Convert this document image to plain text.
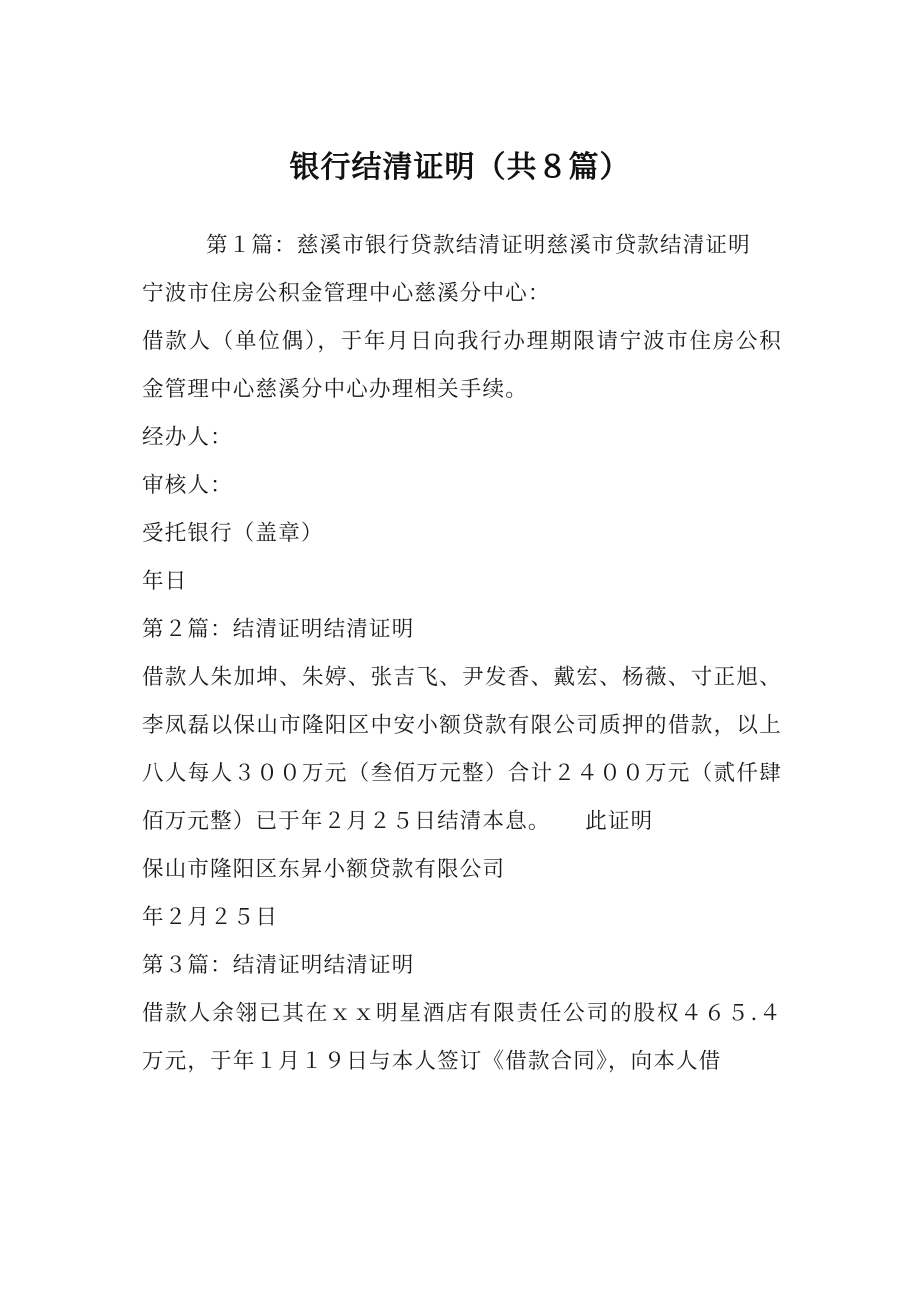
银行结清证明（共８篇）

第１篇：慈溪市银行贷款结清证明慈溪市贷款结清证明

宁波市住房公积金管理中心慈溪分中心：

借款人（单位偶），于年月日向我行办理期限请宁波市住房公积金管理中心慈溪分中心办理相关手续。

经办人：

审核人：

受托银行（盖章）

年日

第２篇：结清证明结清证明

借款人朱加坤、朱婷、张吉飞、尹发香、戴宏、杨薇、寸正旭、李凤磊以保山市隆阳区中安小额贷款有限公司质押的借款，以上八人每人３００万元（叁佰万元整）合计２４００万元（贰仟肆佰万元整）已于年２月２５日结清本息。　　此证明

保山市隆阳区东昇小额贷款有限公司

年２月２５日

第３篇：结清证明结清证明

借款人余翎已其在ｘｘ明星酒店有限责任公司的股权４６５.４万元，于年１月１９日与本人签订《借款合同》，向本人借
